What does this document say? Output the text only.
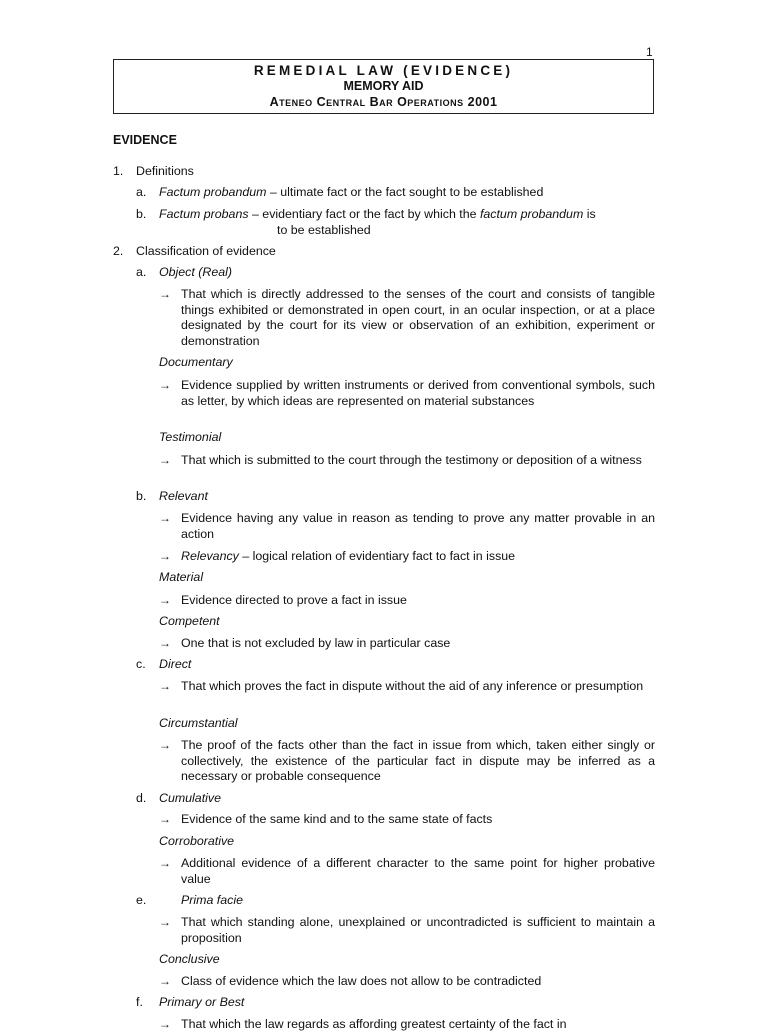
1
REMEDIAL LAW (EVIDENCE)
MEMORY AID
Ateneo Central Bar Operations 2001
EVIDENCE
1. Definitions
a. Factum probandum – ultimate fact or the fact sought to be established
b. Factum probans – evidentiary fact or the fact by which the factum probandum is
to be established
2. Classification of evidence
a. Object (Real)
→ That which is directly addressed to the senses of the court and consists of tangible things exhibited or demonstrated in open court, in an ocular inspection, or at a place designated by the court for its view or observation of an exhibition, experiment or demonstration
Documentary
→ Evidence supplied by written instruments or derived from conventional symbols, such as letter, by which ideas are represented on material substances
Testimonial
→ That which is submitted to the court through the testimony or deposition of a witness
b. Relevant
→ Evidence having any value in reason as tending to prove any matter provable in an action
→ Relevancy – logical relation of evidentiary fact to fact in issue
Material
→ Evidence directed to prove a fact in issue
Competent
→ One that is not excluded by law in particular case
c. Direct
→ That which proves the fact in dispute without the aid of any inference or presumption
Circumstantial
→ The proof of the facts other than the fact in issue from which, taken either singly or collectively, the existence of the particular fact in dispute may be inferred as a necessary or probable consequence
d. Cumulative
→ Evidence of the same kind and to the same state of facts
Corroborative
→ Additional evidence of a different character to the same point for higher probative value
e.	Prima facie
→ That which standing alone, unexplained or uncontradicted is sufficient to maintain a proposition
Conclusive
→ Class of evidence which the law does not allow to be contradicted
f. Primary or Best
→ That which the law regards as affording greatest certainty of the fact in
